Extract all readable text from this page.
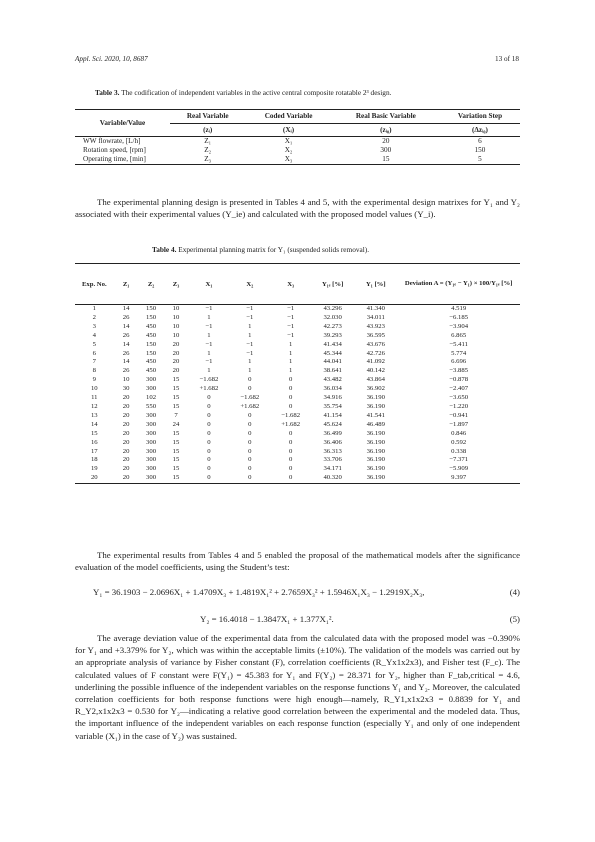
Appl. Sci. 2020, 10, 8687	13 of 18
Table 3. The codification of independent variables in the active central composite rotatable 2³ design.
Variable/Value	Real Variable	Coded Variable	Real Basic Variable	Variation Step
	(zᵢ)	(Xᵢ)	(zᵢ₀)	(Δzᵢ₀)
WW flowrate, [L/h]	Z₁	X₁	20	6
Rotation speed, [rpm]	Z₂	X₂	300	150
Operating time, [min]	Z₃	X₃	15	5

The experimental planning design is presented in Tables 4 and 5, with the experimental design matrixes for Y₁ and Y₂ associated with their experimental values (Y_ie) and calculated with the proposed model values (Y_i).

Table 4. Experimental planning matrix for Y₁ (suspended solids removal).
Exp. No.	Z₁	Z₂	Z₃	X₁	X₂	X₃	Y₁ₑ [%]	Y₁ [%]	Deviation A = (Y₁ₑ − Y₁) × 100/Y₁ₑ [%]
1	14	150	10	−1	−1	−1	43.296	41.340	4.519
2	26	150	10	1	−1	−1	32.030	34.011	−6.185
3	14	450	10	−1	1	−1	42.273	43.923	−3.904
4	26	450	10	1	1	−1	39.293	36.595	6.865
5	14	150	20	−1	−1	1	41.434	43.676	−5.411
6	26	150	20	1	−1	1	45.344	42.726	5.774
7	14	450	20	−1	1	1	44.041	41.092	6.696
8	26	450	20	1	1	1	38.641	40.142	−3.885
9	10	300	15	−1.682	0	0	43.482	43.864	−0.878
10	30	300	15	+1.682	0	0	36.034	36.902	−2.407
11	20	102	15	0	−1.682	0	34.916	36.190	−3.650
12	20	550	15	0	+1.682	0	35.754	36.190	−1.220
13	20	300	7	0	0	−1.682	41.154	41.541	−0.941
14	20	300	24	0	0	+1.682	45.624	46.489	−1.897
15	20	300	15	0	0	0	36.499	36.190	0.846
16	20	300	15	0	0	0	36.406	36.190	0.592
17	20	300	15	0	0	0	36.313	36.190	0.338
18	20	300	15	0	0	0	33.706	36.190	−7.371
19	20	300	15	0	0	0	34.171	36.190	−5.909
20	20	300	15	0	0	0	40.320	36.190	9.397

The experimental results from Tables 4 and 5 enabled the proposal of the mathematical models after the significance evaluation of the model coefficients, using the Student’s test:

Y₁ = 36.1903 − 2.0696X₁ + 1.4709X₃ + 1.4819X₁² + 2.7659X₃² + 1.5946X₁X₃ − 1.2919X₂X₃,	(4)
Y₂ = 16.4018 − 1.3847X₁ + 1.377X₁².	(5)

The average deviation value of the experimental data from the calculated data with the proposed model was −0.390% for Y₁ and +3.379% for Y₂, which was within the acceptable limits (±10%). The validation of the models was carried out by an appropriate analysis of variance by Fisher constant (F), correlation coefficients (R_Yx1x2x3), and Fisher test (F_c). The calculated values of F constant were F(Y₁) = 45.383 for Y₁ and F(Y₂) = 28.371 for Y₂, higher than F_tab,critical = 4.6, underlining the possible influence of the independent variables on the response functions Y₁ and Y₂. Moreover, the calculated correlation coefficients for both response functions were high enough—namely, R_Y1,x1x2x3 = 0.8839 for Y₁ and R_Y2,x1x2x3 = 0.530 for Y₂—indicating a relative good correlation between the experimental and the modeled data. Thus, the important influence of the independent variables on each response function (especially Y₁ and only of one independent variable (X₁) in the case of Y₂) was sustained.
